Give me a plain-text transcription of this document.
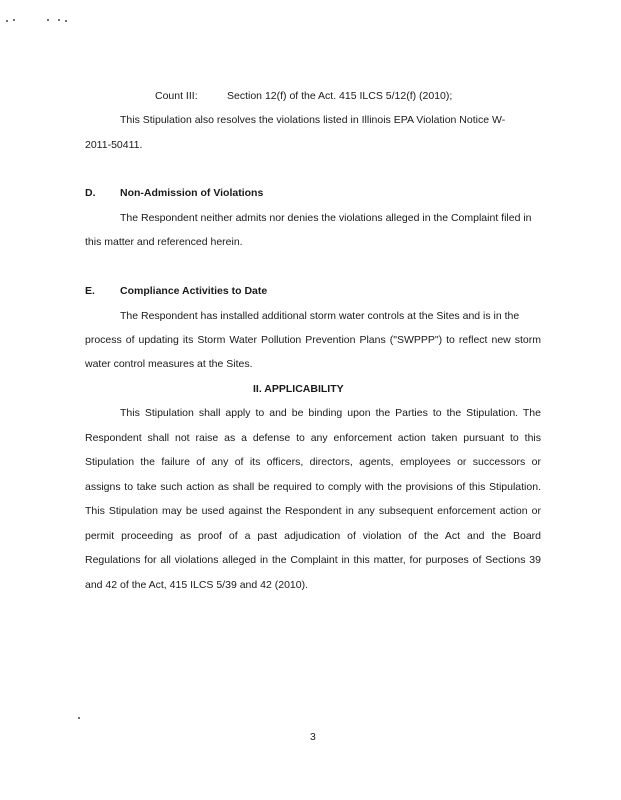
Count III:	Section 12(f) of the Act. 415 ILCS 5/12(f) (2010);
This Stipulation also resolves the violations listed in Illinois EPA Violation Notice W-
2011-50411.
D. Non-Admission of Violations
The Respondent neither admits nor denies the violations alleged in the Complaint filed in
this matter and referenced herein.
E. Compliance Activities to Date
The Respondent has installed additional storm water controls at the Sites and is in the
process of updating its Storm Water Pollution Prevention Plans ("SWPPP") to reflect new storm
water control measures at the Sites.
II. APPLICABILITY
This Stipulation shall apply to and be binding upon the Parties to the Stipulation. The
Respondent shall not raise as a defense to any enforcement action taken pursuant to this
Stipulation the failure of any of its officers, directors, agents, employees or successors or
assigns to take such action as shall be required to comply with the provisions of this Stipulation.
This Stipulation may be used against the Respondent in any subsequent enforcement action or
permit proceeding as proof of a past adjudication of violation of the Act and the Board
Regulations for all violations alleged in the Complaint in this matter, for purposes of Sections 39
and 42 of the Act, 415 ILCS 5/39 and 42 (2010).
3
